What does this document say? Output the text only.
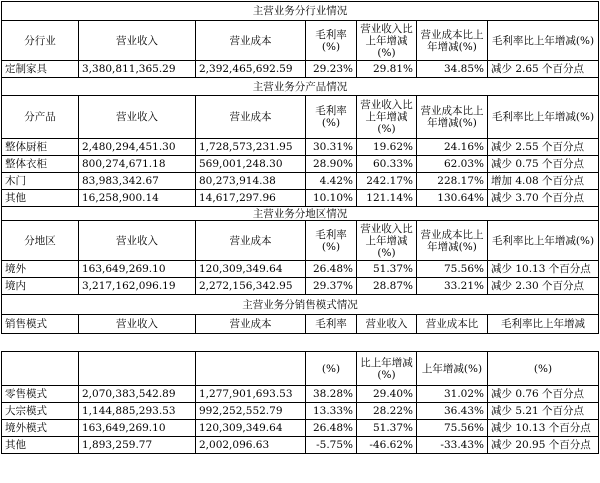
主营业务分行业情况						
分行业	营业收入	营业成本	毛利率(%)	营业收入比上年增减(%)	营业成本比上年增减(%)	毛利率比上年增减(%)
定制家具	3,380,811,365.29	2,392,465,692.59	29.23%	29.81%	34.85%	减少 2.65 个百分点
主营业务分产品情况						
分产品	营业收入	营业成本	毛利率(%)	营业收入比上年增减(%)	营业成本比上年增减(%)	毛利率比上年增减(%)
整体厨柜	2,480,294,451.30	1,728,573,231.95	30.31%	19.62%	24.16%	减少 2.55 个百分点
整体衣柜	800,274,671.18	569,001,248.30	28.90%	60.33%	62.03%	减少 0.75 个百分点
木门	83,983,342.67	80,273,914.38	4.42%	242.17%	228.17%	增加 4.08 个百分点
其他	16,258,900.14	14,617,297.96	10.10%	121.14%	130.64%	减少 3.70 个百分点
主营业务分地区情况						
分地区	营业收入	营业成本	毛利率(%)	营业收入比上年增减(%)	营业成本比上年增减(%)	毛利率比上年增减(%)
境外	163,649,269.10	120,309,349.64	26.48%	51.37%	75.56%	减少 10.13 个百分点
境内	3,217,162,096.19	2,272,156,342.95	29.37%	28.87%	33.21%	减少 2.30 个百分点
主营业务分销售模式情况						
销售模式	营业收入	营业成本	毛利率	营业收入	营业成本比	毛利率比上年增减

			(%)	比上年增减(%)	上年增减(%)	(%)
零售模式	2,070,383,542.89	1,277,901,693.53	38.28%	29.40%	31.02%	减少 0.76 个百分点
大宗模式	1,144,885,293.53	992,252,552.79	13.33%	28.22%	36.43%	减少 5.21 个百分点
境外模式	163,649,269.10	120,309,349.64	26.48%	51.37%	75.56%	减少 10.13 个百分点
其他	1,893,259.77	2,002,096.63	-5.75%	-46.62%	-33.43%	减少 20.95 个百分点
